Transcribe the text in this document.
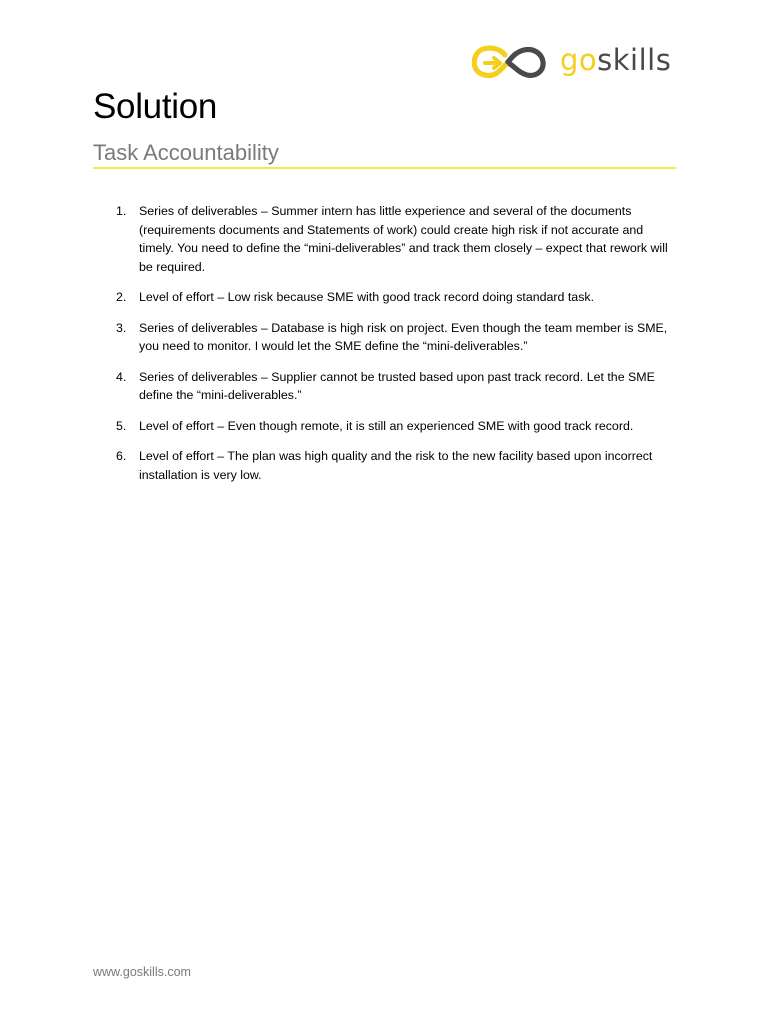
goskills
Solution
Task Accountability
1. Series of deliverables – Summer intern has little experience and several of the documents (requirements documents and Statements of work) could create high risk if not accurate and timely. You need to define the “mini-deliverables” and track them closely – expect that rework will be required.
2. Level of effort – Low risk because SME with good track record doing standard task.
3. Series of deliverables – Database is high risk on project. Even though the team member is SME, you need to monitor. I would let the SME define the “mini-deliverables.”
4. Series of deliverables – Supplier cannot be trusted based upon past track record. Let the SME define the “mini-deliverables.”
5. Level of effort – Even though remote, it is still an experienced SME with good track record.
6. Level of effort – The plan was high quality and the risk to the new facility based upon incorrect installation is very low.
www.goskills.com
